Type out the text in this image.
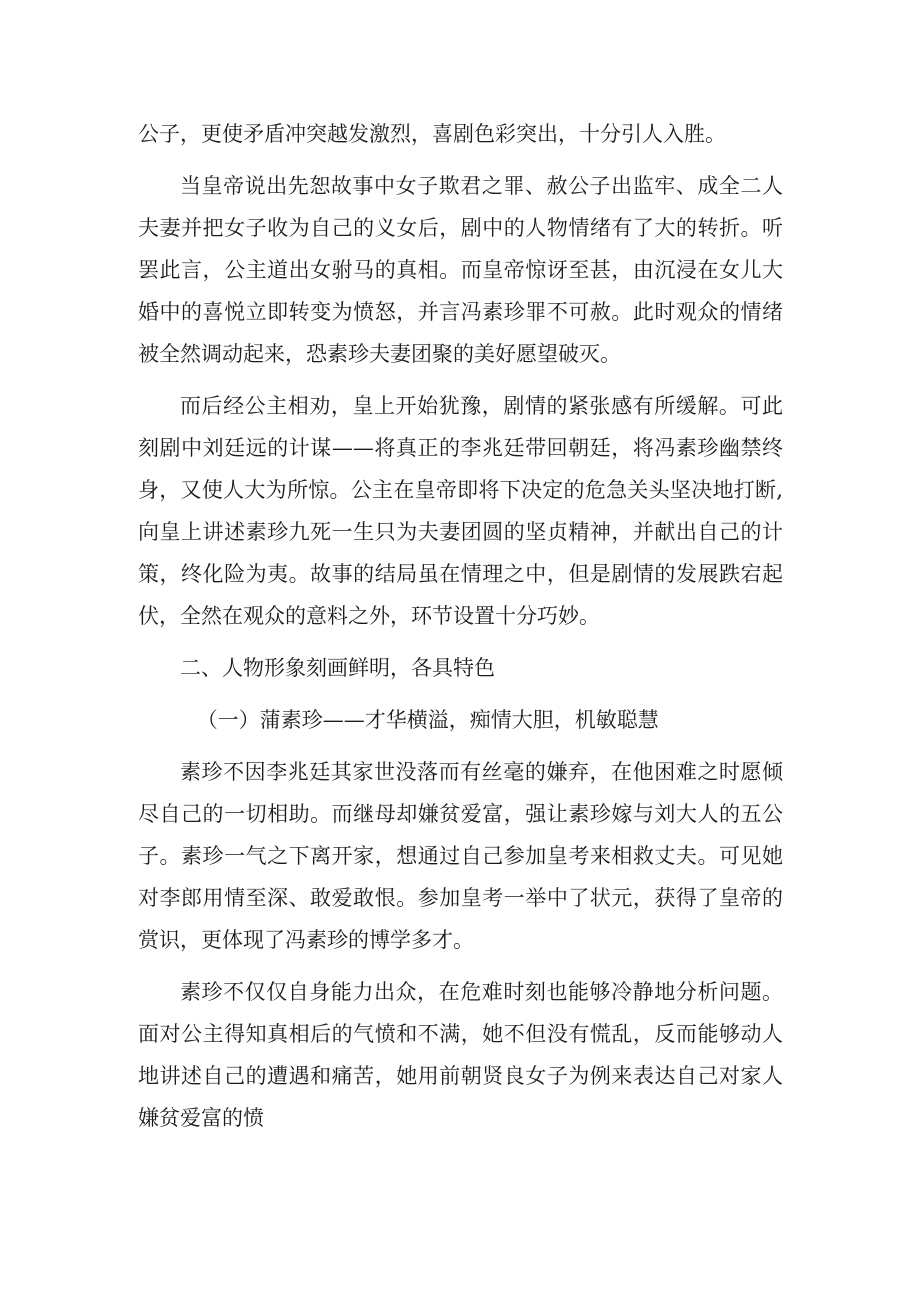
公子，更使矛盾冲突越发激烈，喜剧色彩突出，十分引人入胜。

当皇帝说出先恕故事中女子欺君之罪、赦公子出监牢、成全二人夫妻并把女子收为自己的义女后，剧中的人物情绪有了大的转折。听罢此言，公主道出女驸马的真相。而皇帝惊讶至甚，由沉浸在女儿大婚中的喜悦立即转变为愤怒，并言冯素珍罪不可赦。此时观众的情绪被全然调动起来，恐素珍夫妻团聚的美好愿望破灭。

而后经公主相劝，皇上开始犹豫，剧情的紧张感有所缓解。可此刻剧中刘廷远的计谋——将真正的李兆廷带回朝廷，将冯素珍幽禁终身，又使人大为所惊。公主在皇帝即将下决定的危急关头坚决地打断,向皇上讲述素珍九死一生只为夫妻团圆的坚贞精神，并献出自己的计策，终化险为夷。故事的结局虽在情理之中，但是剧情的发展跌宕起伏，全然在观众的意料之外，环节设置十分巧妙。

二、人物形象刻画鲜明，各具特色

（一）蒲素珍——才华横溢，痴情大胆，机敏聪慧

素珍不因李兆廷其家世没落而有丝毫的嫌弃，在他困难之时愿倾尽自己的一切相助。而继母却嫌贫爱富，强让素珍嫁与刘大人的五公子。素珍一气之下离开家，想通过自己参加皇考来相救丈夫。可见她对李郎用情至深、敢爱敢恨。参加皇考一举中了状元，获得了皇帝的赏识，更体现了冯素珍的博学多才。

素珍不仅仅自身能力出众，在危难时刻也能够冷静地分析问题。面对公主得知真相后的气愤和不满，她不但没有慌乱，反而能够动人地讲述自己的遭遇和痛苦，她用前朝贤良女子为例来表达自己对家人嫌贫爱富的愤
